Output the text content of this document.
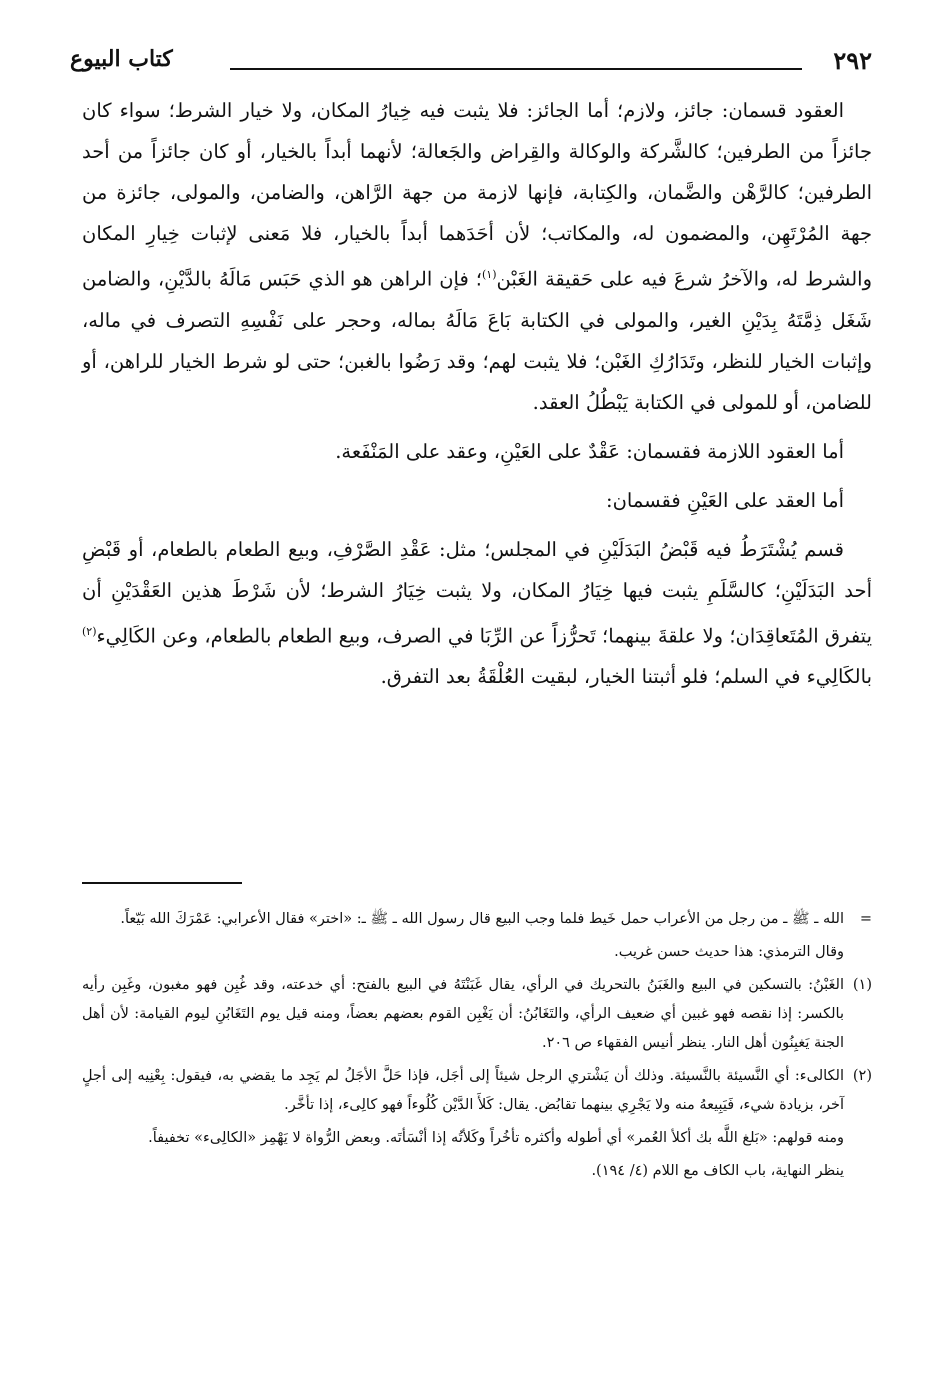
٢٩٢
كتاب البيوع

العقود قسمان: جائز، ولازم؛ أما الجائز: فلا يثبت فيه خِيارُ المكان، ولا خيار الشرط؛ سواء كان جائزاً من الطرفين؛ كالشَّركة والوكالة والقِراض والجَعالة؛ لأنهما أبداً بالخيار، أو كان جائزاً من أحد الطرفين؛ كالرَّهْن والضَّمان، والكِتابة، فإنها لازمة من جهة الرَّاهن، والضامن، والمولى، جائزة من جهة المُرْتَهِن، والمضمون له، والمكاتب؛ لأن أحَدَهما أبداً بالخيار، فلا مَعنى لإثبات خِيارِ المكان والشرط له، والآخرُ شرعَ فيه على حَقيقة الغَبْن$^{(١)}$؛ فإن الراهن هو الذي حَبَس مَالَهُ بالدَّيْنِ، والضامن شَغَل ذِمَّتَهُ بِدَيْنِ الغير، والمولى في الكتابة بَاعَ مَالَهُ بماله، وحجر على نَفْسِهِ التصرف في ماله، وإثبات الخيار للنظر، وتَدَارُكِ الغَبْن؛ فلا يثبت لهم؛ وقد رَضُوا بالغبن؛ حتى لو شرط الخيار للراهن، أو للضامن، أو للمولى في الكتابة يَبْطُلُ العقد.

أما العقود اللازمة فقسمان: عَقْدٌ على العَيْنِ، وعقد على المَنْفَعة.

أما العقد على العَيْنِ فقسمان:

قسم يُشْتَرَطُ فيه قَبْضُ البَدَلَيْنِ في المجلس؛ مثل: عَقْدِ الصَّرْفِ، وبيع الطعام بالطعام، أو قَبْضِ أحد البَدَلَيْنِ؛ كالسَّلَمِ يثبت فيها خِيَارُ المكان، ولا يثبت خِيَارُ الشرط؛ لأن شَرْطَ هذين العَقْدَيْنِ أن يتفرق المُتَعاقِدَان؛ ولا علقةَ بينهما؛ تَحرُّزاً عن الرِّبَا في الصرف، وبيع الطعام بالطعام، وعن الكَالِيء$^{(٢)}$ بالكَالِيء في السلم؛ فلو أثبتنا الخيار، لبقيت العُلْقَةُ بعد التفرق.

=
الله ـ ﷺ ـ من رجل من الأعراب حمل خَيط فلما وجب البيع قال رسول الله ـ ﷺ ـ: «اختر» فقال الأعرابي: عَمْرَكَ الله بَيّعاً.

وقال الترمذي: هذا حديث حسن غريب.

(١)
الغَبْنُ: بالتسكين في البيع والغَبَنُ بالتحريك في الرأي، يقال غَبَنْتَهُ في البيع بالفتح: أي خدعته، وقد غُبِن فهو مغبون، وغَبِن رأيه بالكسر: إذا نقصه فهو غبين أي ضعيف الرأي، والتَغَابُنُ: أن يَغْبِن القوم بعضهم بعضاً، ومنه قيل يوم التَغَابُنِ ليوم القيامة: لأن أهل الجنة يَغبِنُون أهل النار. ينظر أنيس الفقهاء ص ٢٠٦.
(٢)
الكالىء: أي النَّسيئة بالنَّسيئة. وذلك أن يَشْتري الرجل شيئاً إلى أجَل، فإذا حَلَّ الأجَلُ لم يَجِد ما يقضي به، فيقول: بِعْنِيه إلى أجلٍ آخر، بزيادة شيء، فَيَبِيعهُ منه ولا يَجْرِي بينهما تقابُض. يقال: كَلأَ الدَّيْن كُلُوءاً فهو كالِىء، إذا تأخَّر.

ومنه قولهم: «بَلغ اللَّه بك أكلأ العُمر» أي أطوله وأكثره تأخُراً وكَلأتُه إذا أنْسَأتَه. وبعض الرُّواة لا يَهْمِز «الكالِىء» تخفيفاً.

ينظر النهاية، باب الكاف مع اللام (٤/ ١٩٤).
